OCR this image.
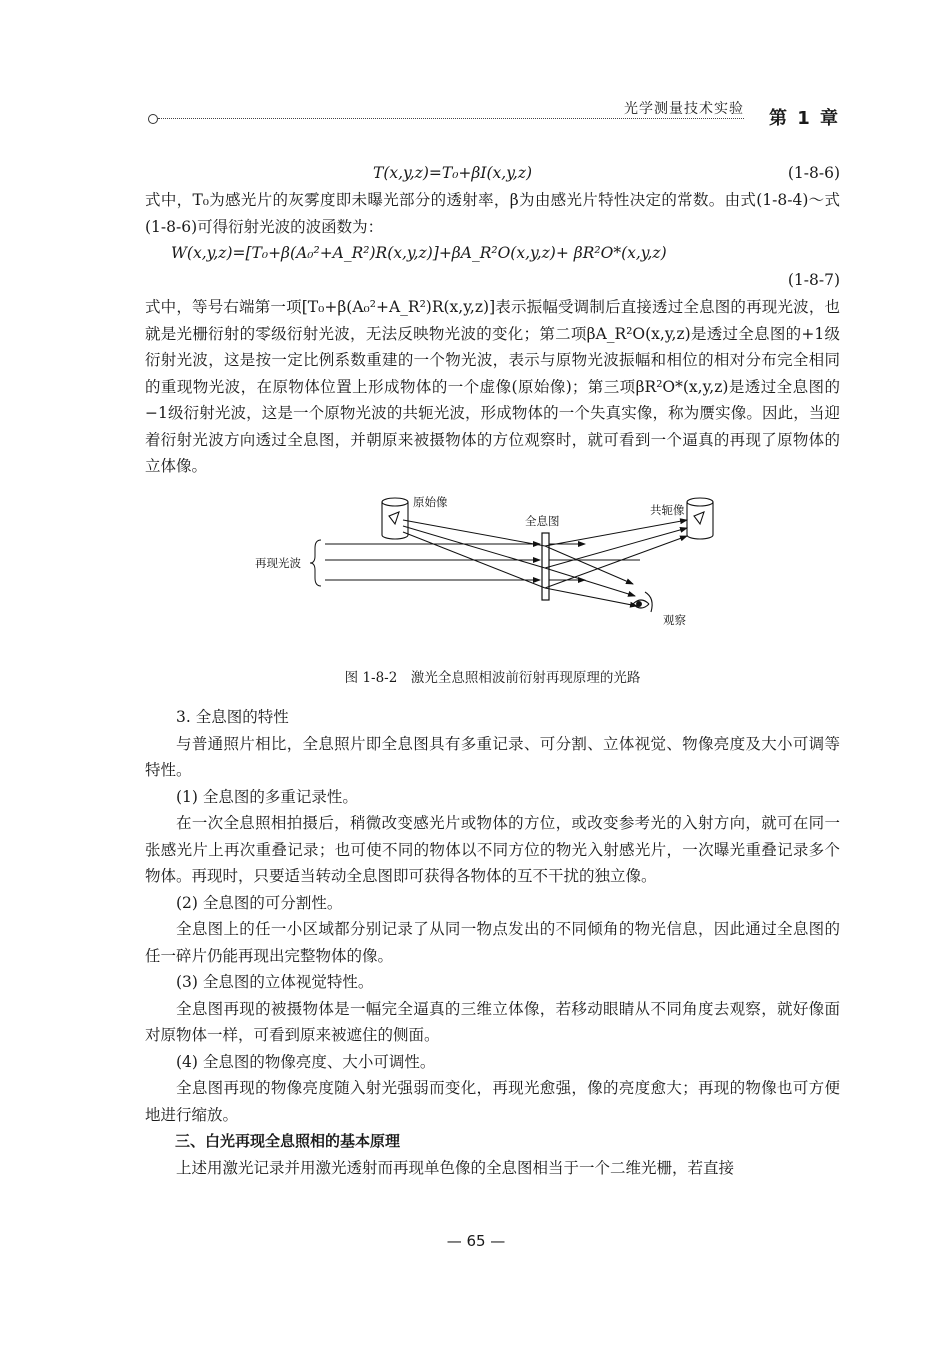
光学测量技术实验 第 1 章
T(x,y,z)=T₀+βI(x,y,z)	(1-8-6)

式中，T₀为感光片的灰雾度即未曝光部分的透射率，β为由感光片特性决定的常数。由式(1-8-4)～式(1-8-6)可得衍射光波的波函数为：

W(x,y,z)=[T₀+β(A₀²+A_R²)R(x,y,z)]+βA_R²O(x,y,z)+ βR²O*(x,y,z)
(1-8-7)

式中，等号右端第一项[T₀+β(A₀²+A_R²)R(x,y,z)]表示振幅受调制后直接透过全息图的再现光波，也就是光栅衍射的零级衍射光波，无法反映物光波的变化；第二项βA_R²O(x,y,z)是透过全息图的+1级衍射光波，这是按一定比例系数重建的一个物光波，表示与原物光波振幅和相位的相对分布完全相同的重现物光波，在原物体位置上形成物体的一个虚像(原始像)；第三项βR²O*(x,y,z)是透过全息图的−1级衍射光波，这是一个原物光波的共轭光波，形成物体的一个失真实像，称为赝实像。因此，当迎着衍射光波方向透过全息图，并朝原来被摄物体的方位观察时，就可看到一个逼真的再现了原物体的立体像。

原始像
共轭像
全息图
再现光波
观察

图 1-8-2　激光全息照相波前衍射再现原理的光路

3. 全息图的特性

与普通照片相比，全息照片即全息图具有多重记录、可分割、立体视觉、物像亮度及大小可调等特性。

(1) 全息图的多重记录性。

在一次全息照相拍摄后，稍微改变感光片或物体的方位，或改变参考光的入射方向，就可在同一张感光片上再次重叠记录；也可使不同的物体以不同方位的物光入射感光片，一次曝光重叠记录多个物体。再现时，只要适当转动全息图即可获得各物体的互不干扰的独立像。

(2) 全息图的可分割性。

全息图上的任一小区域都分别记录了从同一物点发出的不同倾角的物光信息，因此通过全息图的任一碎片仍能再现出完整物体的像。

(3) 全息图的立体视觉特性。

全息图再现的被摄物体是一幅完全逼真的三维立体像，若移动眼睛从不同角度去观察，就好像面对原物体一样，可看到原来被遮住的侧面。

(4) 全息图的物像亮度、大小可调性。

全息图再现的物像亮度随入射光强弱而变化，再现光愈强，像的亮度愈大；再现的物像也可方便地进行缩放。

三、白光再现全息照相的基本原理

上述用激光记录并用激光透射而再现单色像的全息图相当于一个二维光栅，若直接

— 65 —
